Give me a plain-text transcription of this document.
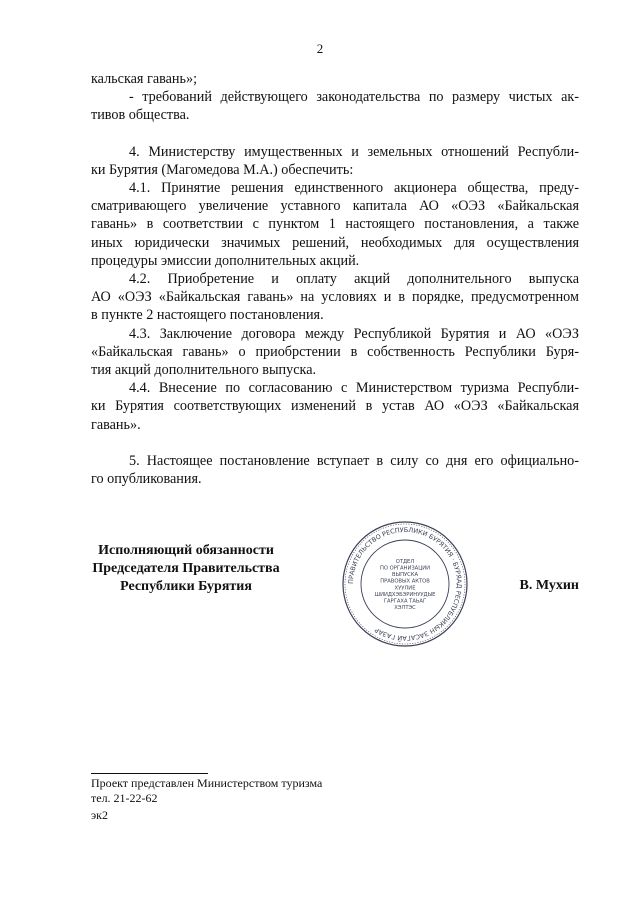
2
кальская гавань»;
- требований действующего законодательства по размеру чистых ак-
тивов общества.
4. Министерству имущественных и земельных отношений Республи-
ки Бурятия (Магомедова М.А.) обеспечить:
4.1. Принятие решения единственного акционера общества, преду-
сматривающего увеличение уставного капитала АО «ОЭЗ «Байкальская
гавань» в соответствии с пунктом 1 настоящего постановления, а также
иных юридически значимых решений, необходимых для осуществления
процедуры эмиссии дополнительных акций.
4.2. Приобретение и оплату акций дополнительного выпуска
АО «ОЭЗ «Байкальская гавань» на условиях и в порядке, предусмотренном
в пункте 2 настоящего постановления.
4.3. Заключение договора между Республикой Бурятия и АО «ОЭЗ
«Байкальская гавань» о приобрстении в собственность Республики Буря-
тия акций дополнительного выпуска.
4.4. Внесение по согласованию с Министерством туризма Республи-
ки Бурятия соответствующих изменений в устав АО «ОЭЗ «Байкальская
гавань».
5. Настоящее постановление вступает в силу со дня его официально-
го опубликования.
Исполняющий обязанности
Председателя Правительства
Республики Бурятия	ПРАВИТЕЛЬСТВО РЕСПУБЛИКИ БУРЯТИЯ · БУРЯАД РЕСПУБЛИКЫН ЗАСАГАЙ ГАЗАР
ОТДЕЛ
ПО ОРГАНИЗАЦИИ
ВЫПУСКА
ПРАВОВЫХ АКТОВ
ХУУЛИЕ
ШИИДХЭБЭРИНУУДЫЕ
ГАРГАХА ТАЬАГ
ХЭЛТЭС
В. Мухин
Проект представлен Министерством туризма
тел. 21-22-62
эк2
